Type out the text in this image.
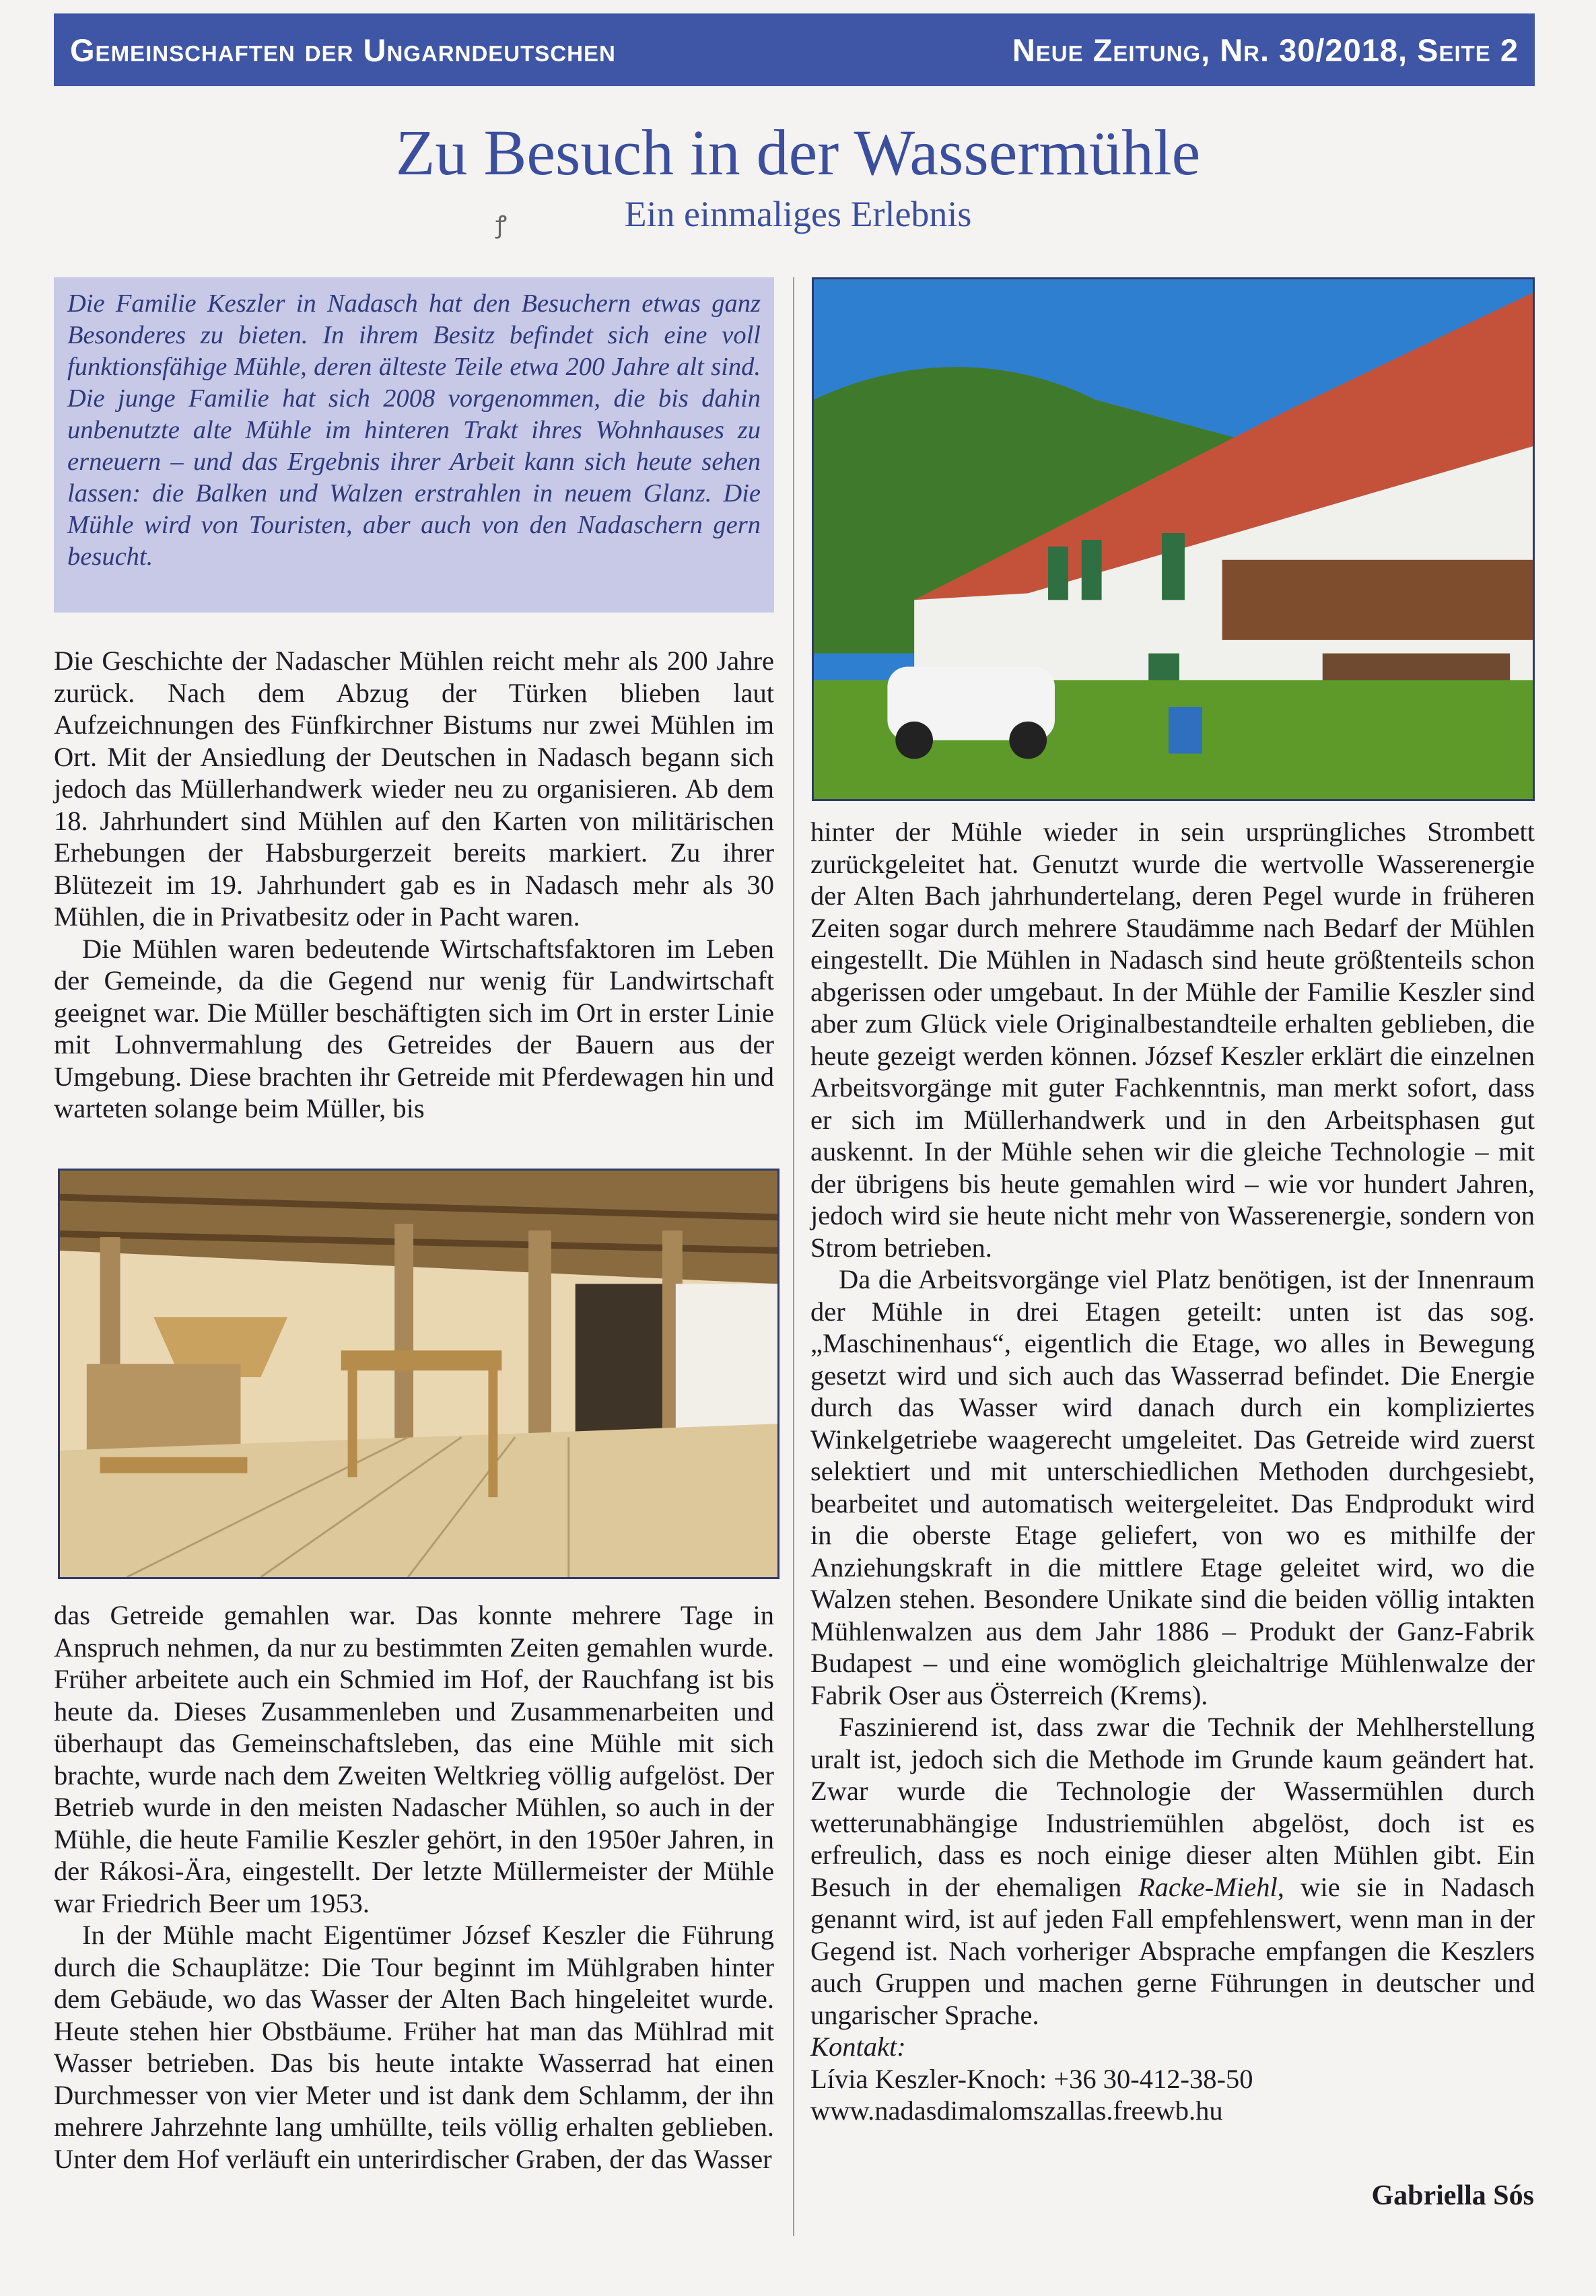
Gemeinschaften der Ungarndeutschen	Neue Zeitung, Nr. 30/2018, Seite 2
Zu Besuch in der Wassermühle
Ein einmaliges Erlebnis
ꝭ
Die Familie Keszler in Nadasch hat den Besuchern etwas ganz Besonderes zu bieten. In ihrem Besitz befindet sich eine voll funktionsfähige Mühle, deren älteste Teile etwa 200 Jahre alt sind. Die junge Familie hat sich 2008 vorgenommen, die bis dahin unbenutzte alte Mühle im hinteren Trakt ihres Wohnhauses zu erneuern – und das Ergebnis ihrer Arbeit kann sich heute sehen lassen: die Balken und Walzen erstrahlen in neuem Glanz. Die Mühle wird von Touristen, aber auch von den Nadaschern gern besucht.

Die Geschichte der Nadascher Mühlen reicht mehr als 200 Jahre zurück. Nach dem Abzug der Türken blieben laut Aufzeichnungen des Fünfkirchner Bistums nur zwei Mühlen im Ort. Mit der Ansiedlung der Deutschen in Nadasch begann sich jedoch das Müllerhandwerk wieder neu zu organisieren. Ab dem 18. Jahrhundert sind Mühlen auf den Karten von militärischen Erhebungen der Habsburgerzeit bereits markiert. Zu ihrer Blütezeit im 19. Jahrhundert gab es in Nadasch mehr als 30 Mühlen, die in Privatbesitz oder in Pacht waren.

Die Mühlen waren bedeutende Wirtschaftsfaktoren im Leben der Gemeinde, da die Gegend nur wenig für Landwirtschaft geeignet war. Die Müller beschäftigten sich im Ort in erster Linie mit Lohnvermahlung des Getreides der Bauern aus der Umgebung. Diese brachten ihr Getreide mit Pferdewagen hin und warteten solange beim Müller, bis

das Getreide gemahlen war. Das konnte mehrere Tage in Anspruch nehmen, da nur zu bestimmten Zeiten gemahlen wurde. Früher arbeitete auch ein Schmied im Hof, der Rauchfang ist bis heute da. Dieses Zusammenleben und Zusammenarbeiten und überhaupt das Gemeinschaftsleben, das eine Mühle mit sich brachte, wurde nach dem Zweiten Weltkrieg völlig aufgelöst. Der Betrieb wurde in den meisten Nadascher Mühlen, so auch in der Mühle, die heute Familie Keszler gehört, in den 1950er Jahren, in der Rákosi-Ära, eingestellt. Der letzte Müllermeister der Mühle war Friedrich Beer um 1953.

In der Mühle macht Eigentümer József Keszler die Führung durch die Schauplätze: Die Tour beginnt im Mühlgraben hinter dem Gebäude, wo das Wasser der Alten Bach hingeleitet wurde. Heute stehen hier Obstbäume. Früher hat man das Mühlrad mit Wasser betrieben. Das bis heute intakte Wasserrad hat einen Durchmesser von vier Meter und ist dank dem Schlamm, der ihn mehrere Jahrzehnte lang umhüllte, teils völlig erhalten geblieben. Unter dem Hof verläuft ein unterirdischer Graben, der das Wasser

hinter der Mühle wieder in sein ursprüngliches Strombett zurückgeleitet hat. Genutzt wurde die wertvolle Wasserenergie der Alten Bach jahrhundertelang, deren Pegel wurde in früheren Zeiten sogar durch mehrere Staudämme nach Bedarf der Mühlen eingestellt. Die Mühlen in Nadasch sind heute größtenteils schon abgerissen oder umgebaut. In der Mühle der Familie Keszler sind aber zum Glück viele Originalbestandteile erhalten geblieben, die heute gezeigt werden können. József Keszler erklärt die einzelnen Arbeitsvorgänge mit guter Fachkenntnis, man merkt sofort, dass er sich im Müllerhandwerk und in den Arbeitsphasen gut auskennt. In der Mühle sehen wir die gleiche Technologie – mit der übrigens bis heute gemahlen wird – wie vor hundert Jahren, jedoch wird sie heute nicht mehr von Wasserenergie, sondern von Strom betrieben.

Da die Arbeitsvorgänge viel Platz benötigen, ist der Innenraum der Mühle in drei Etagen geteilt: unten ist das sog. „Maschinenhaus“, eigentlich die Etage, wo alles in Bewegung gesetzt wird und sich auch das Wasserrad befindet. Die Energie durch das Wasser wird danach durch ein kompliziertes Winkelgetriebe waagerecht umgeleitet. Das Getreide wird zuerst selektiert und mit unterschiedlichen Methoden durchgesiebt, bearbeitet und automatisch weitergeleitet. Das Endprodukt wird in die oberste Etage geliefert, von wo es mithilfe der Anziehungskraft in die mittlere Etage geleitet wird, wo die Walzen stehen. Besondere Unikate sind die beiden völlig intakten Mühlenwalzen aus dem Jahr 1886 – Produkt der Ganz-Fabrik Budapest – und eine womöglich gleichaltrige Mühlenwalze der Fabrik Oser aus Österreich (Krems).

Faszinierend ist, dass zwar die Technik der Mehlherstellung uralt ist, jedoch sich die Methode im Grunde kaum geändert hat. Zwar wurde die Technologie der Wassermühlen durch wetterunabhängige Industriemühlen abgelöst, doch ist es erfreulich, dass es noch einige dieser alten Mühlen gibt. Ein Besuch in der ehemaligen Racke-Miehl, wie sie in Nadasch genannt wird, ist auf jeden Fall empfehlenswert, wenn man in der Gegend ist. Nach vorheriger Absprache empfangen die Keszlers auch Gruppen und machen gerne Führungen in deutscher und ungarischer Sprache.

Kontakt:

Lívia Keszler-Knoch: +36 30-412-38-50

www.nadasdimalomszallas.freewb.hu

Gabriella Sós
